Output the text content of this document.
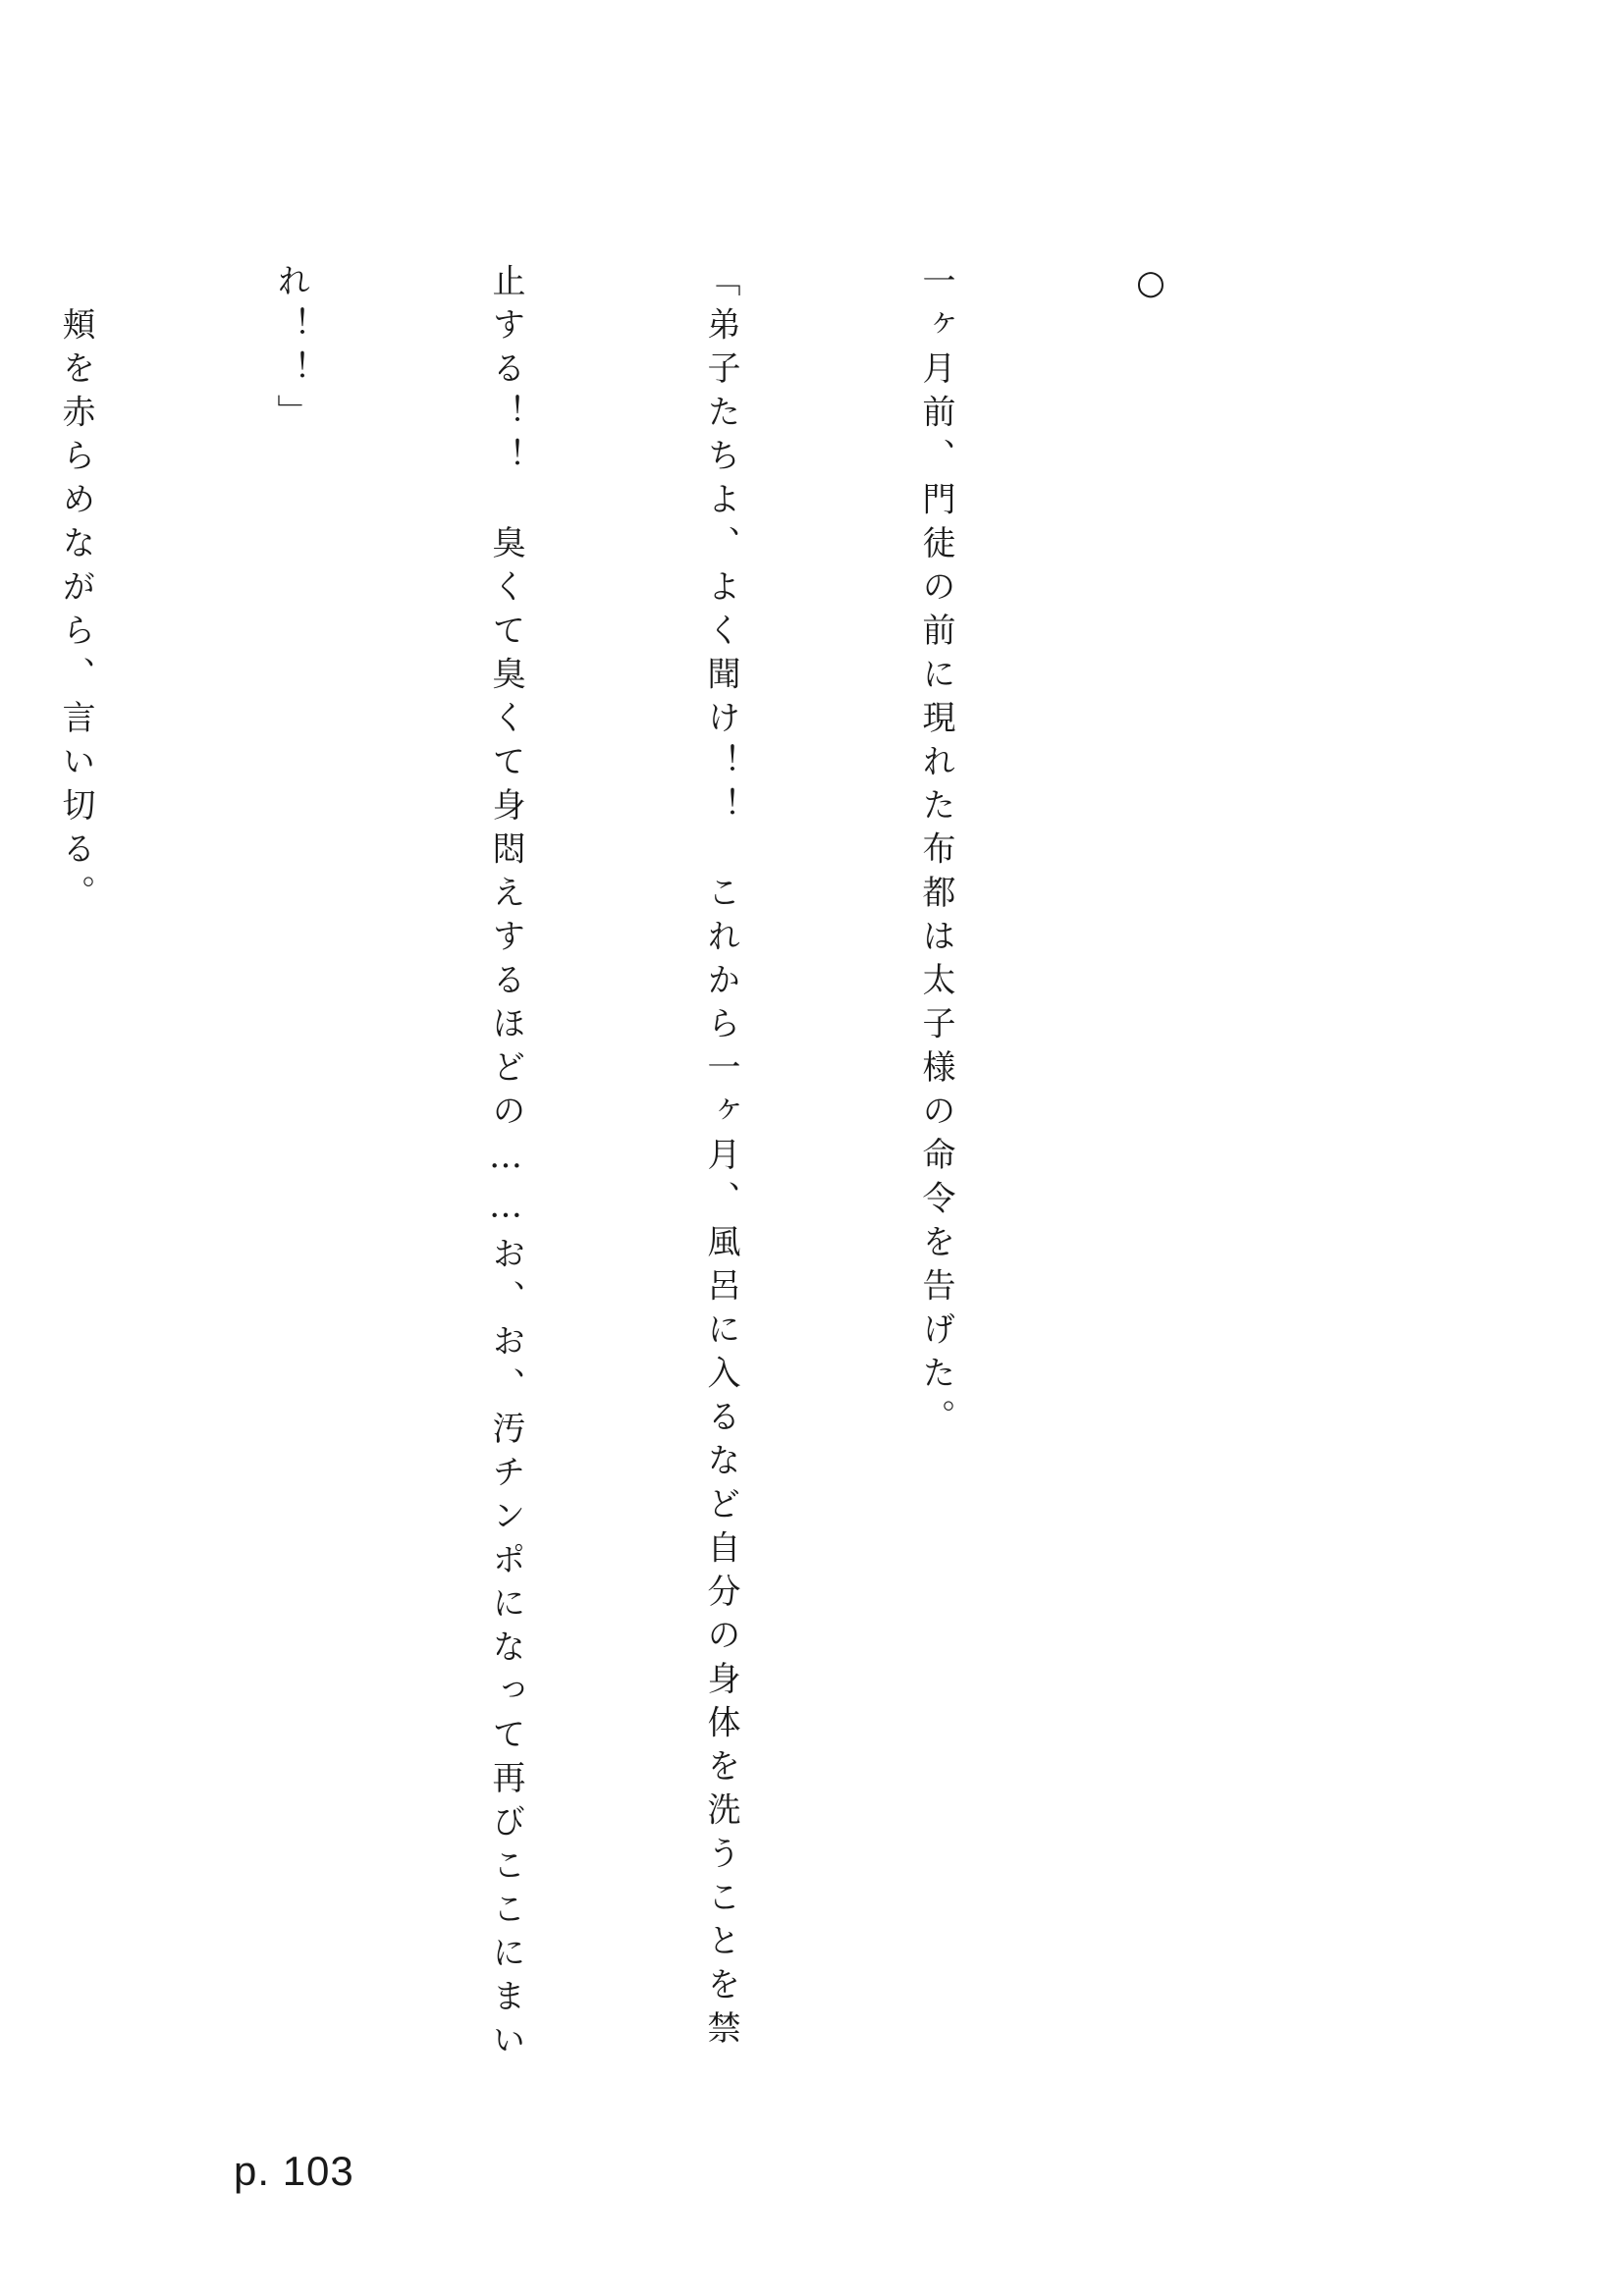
○

一ヶ月前、門徒の前に現れた布都は太子様の命令を告げた。

「弟子たちよ、よく聞け！！　これから一ヶ月、風呂に入るなど自分の身体を洗うことを禁

止する！！　臭くて臭くて身悶えするほどの……お、お、汚チンポになって再びここにまい

れ！！」

　頬を赤らめながら、言い切る。

p. 103
